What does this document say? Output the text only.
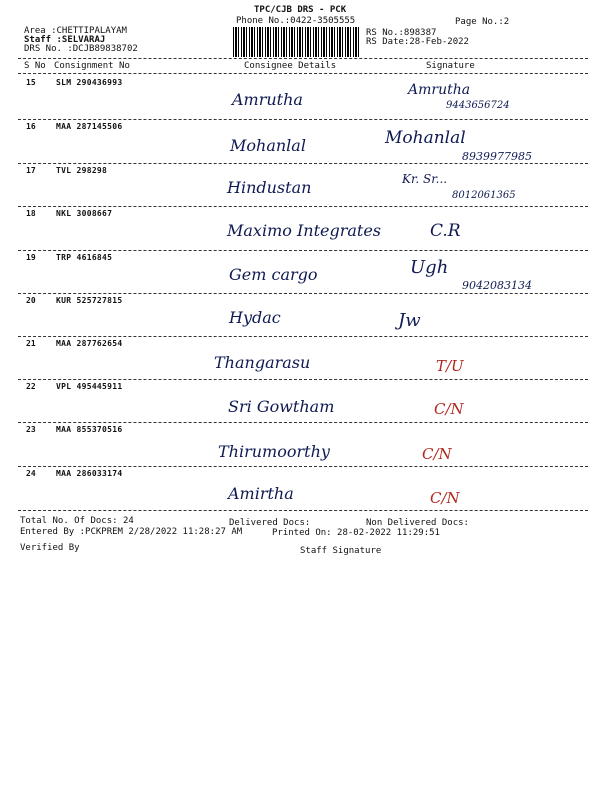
TPC/CJB DRS - PCK
Phone No.:0422-3505555	Page No.:2
Area :CHETTIPALAYAM
Staff :SELVARAJ
DRS No. :DCJB89838702
RS No.:898387
RS Date:28-Feb-2022
S No Consignment No	Consignee Details	Signature
15	SLM 290436993
Amrutha	Amrutha
9443656724
16	MAA 287145506
Mohanlal	Mohanlal
8939977985
17	TVL 298298
Hindustan	Kr. Sr...
8012061365
18	NKL 3008667
Maximo Integrates	C.R
19	TRP 4616845
Gem cargo	Ugh
9042083134
20	KUR 525727815
Hydac	Jw
21	MAA 287762654
Thangarasu	T/U
22	VPL 495445911
Sri Gowtham	C/N
23	MAA 855370516
Thirumoorthy	C/N
24	MAA 286033174
Amirtha	C/N
Total No. Of Docs: 24	Delivered Docs:	Non Delivered Docs:
Entered By :PCKPREM 2/28/2022 11:28:27 AM	Printed On: 28-02-2022 11:29:51
Verified By	Staff Signature
